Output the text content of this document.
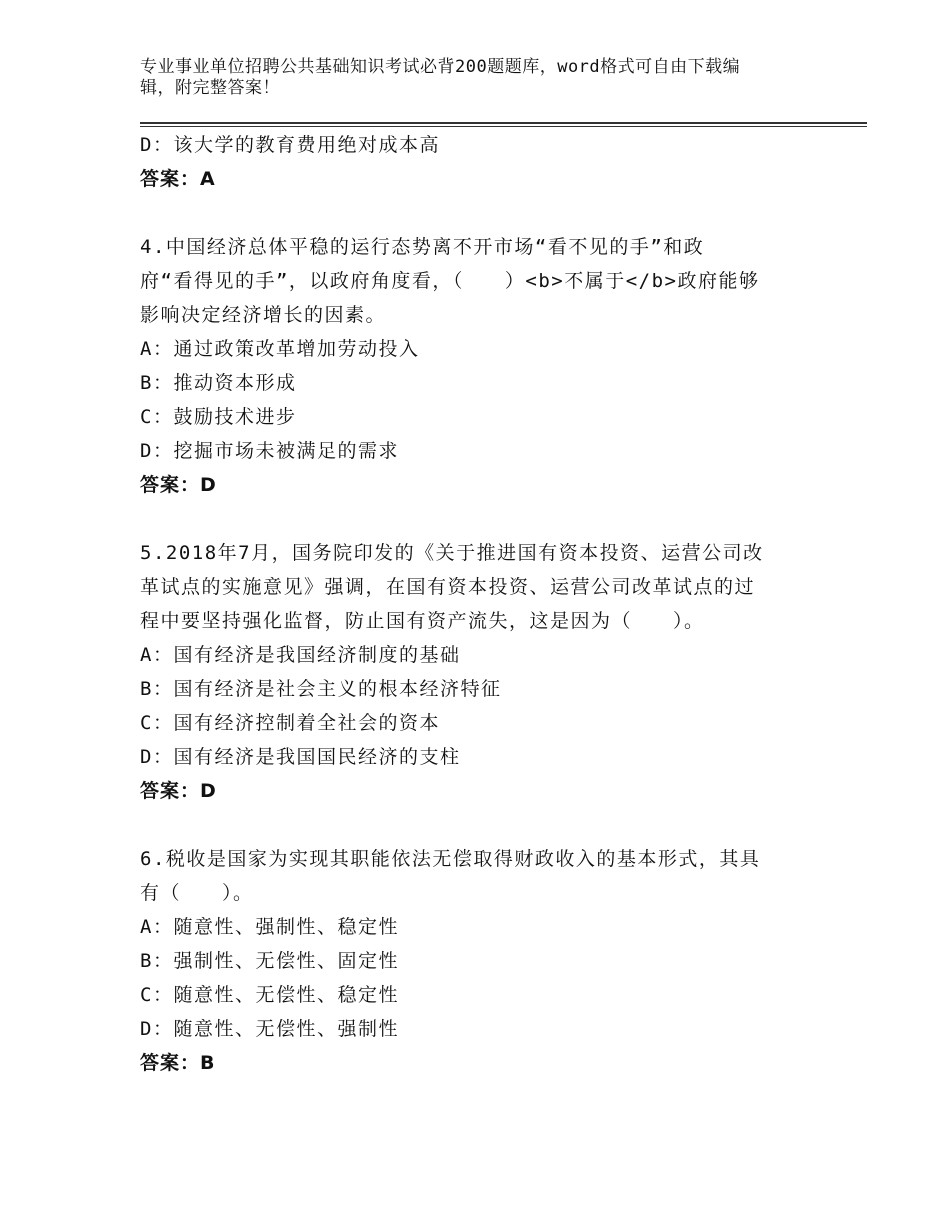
专业事业单位招聘公共基础知识考试必背200题题库，word格式可自由下载编
辑，附完整答案！
D：该大学的教育费用绝对成本高
答案：A
4.中国经济总体平稳的运行态势离不开市场“看不见的手”和政
府“看得见的手”，以政府角度看，（　　）<b>不属于</b>政府能够
影响决定经济增长的因素。
A：通过政策改革增加劳动投入
B：推动资本形成
C：鼓励技术进步
D：挖掘市场未被满足的需求
答案：D
5.2018年7月，国务院印发的《关于推进国有资本投资、运营公司改
革试点的实施意见》强调，在国有资本投资、运营公司改革试点的过
程中要坚持强化监督，防止国有资产流失，这是因为（　　）。
A：国有经济是我国经济制度的基础
B：国有经济是社会主义的根本经济特征
C：国有经济控制着全社会的资本
D：国有经济是我国国民经济的支柱
答案：D
6.税收是国家为实现其职能依法无偿取得财政收入的基本形式，其具
有（　　）。
A：随意性、强制性、稳定性
B：强制性、无偿性、固定性
C：随意性、无偿性、稳定性
D：随意性、无偿性、强制性
答案：B
